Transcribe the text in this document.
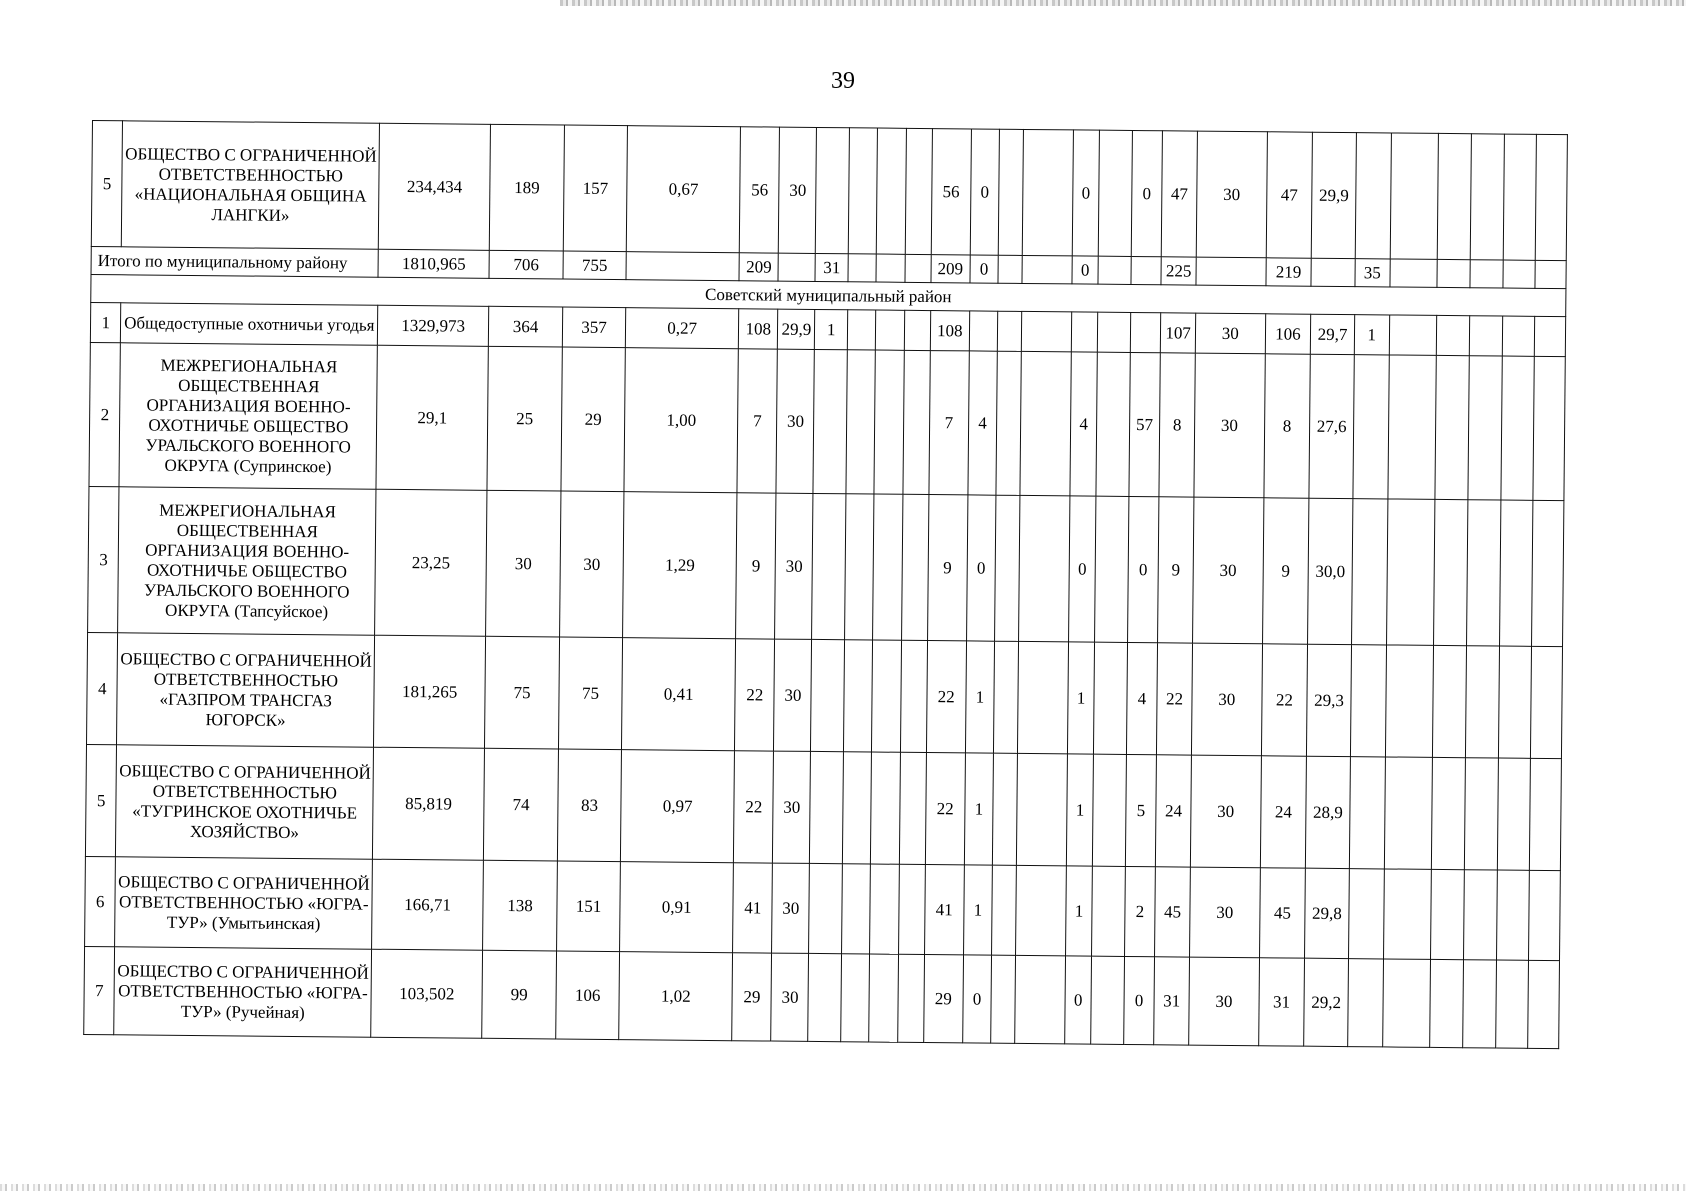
39
5	ОБЩЕСТВО С ОГРАНИЧЕННОЙ ОТВЕТСТВЕННОСТЬЮ «НАЦИОНАЛЬНАЯ ОБЩИНА ЛАНГКИ»	234,434	189	157	0,67	56	30					56	0			0		0	47	30	47	29,9						
Итого по муниципальному району		1810,965	706	755		209		31				209	0			0			225		219		35					
Советский муниципальный район																												
1	Общедоступные охотничьи угодья	1329,973	364	357	0,27	108	29,9	1				108							107	30	106	29,7	1					
2	МЕЖРЕГИОНАЛЬНАЯ ОБЩЕСТВЕННАЯ ОРГАНИЗАЦИЯ ВОЕННО-ОХОТНИЧЬЕ ОБЩЕСТВО УРАЛЬСКОГО ВОЕННОГО ОКРУГА (Супринское)	29,1	25	29	1,00	7	30					7	4			4		57	8	30	8	27,6						
3	МЕЖРЕГИОНАЛЬНАЯ ОБЩЕСТВЕННАЯ ОРГАНИЗАЦИЯ ВОЕННО-ОХОТНИЧЬЕ ОБЩЕСТВО УРАЛЬСКОГО ВОЕННОГО ОКРУГА (Тапсуйское)	23,25	30	30	1,29	9	30					9	0			0		0	9	30	9	30,0						
4	ОБЩЕСТВО С ОГРАНИЧЕННОЙ ОТВЕТСТВЕННОСТЬЮ «ГАЗПРОМ ТРАНСГАЗ ЮГОРСК»	181,265	75	75	0,41	22	30					22	1			1		4	22	30	22	29,3						
5	ОБЩЕСТВО С ОГРАНИЧЕННОЙ ОТВЕТСТВЕННОСТЬЮ «ТУГРИНСКОЕ ОХОТНИЧЬЕ ХОЗЯЙСТВО»	85,819	74	83	0,97	22	30					22	1			1		5	24	30	24	28,9						
6	ОБЩЕСТВО С ОГРАНИЧЕННОЙ ОТВЕТСТВЕННОСТЬЮ «ЮГРА-ТУР» (Умытьинская)	166,71	138	151	0,91	41	30					41	1			1		2	45	30	45	29,8						
7	ОБЩЕСТВО С ОГРАНИЧЕННОЙ ОТВЕТСТВЕННОСТЬЮ «ЮГРА-ТУР» (Ручейная)	103,502	99	106	1,02	29	30					29	0			0		0	31	30	31	29,2						
